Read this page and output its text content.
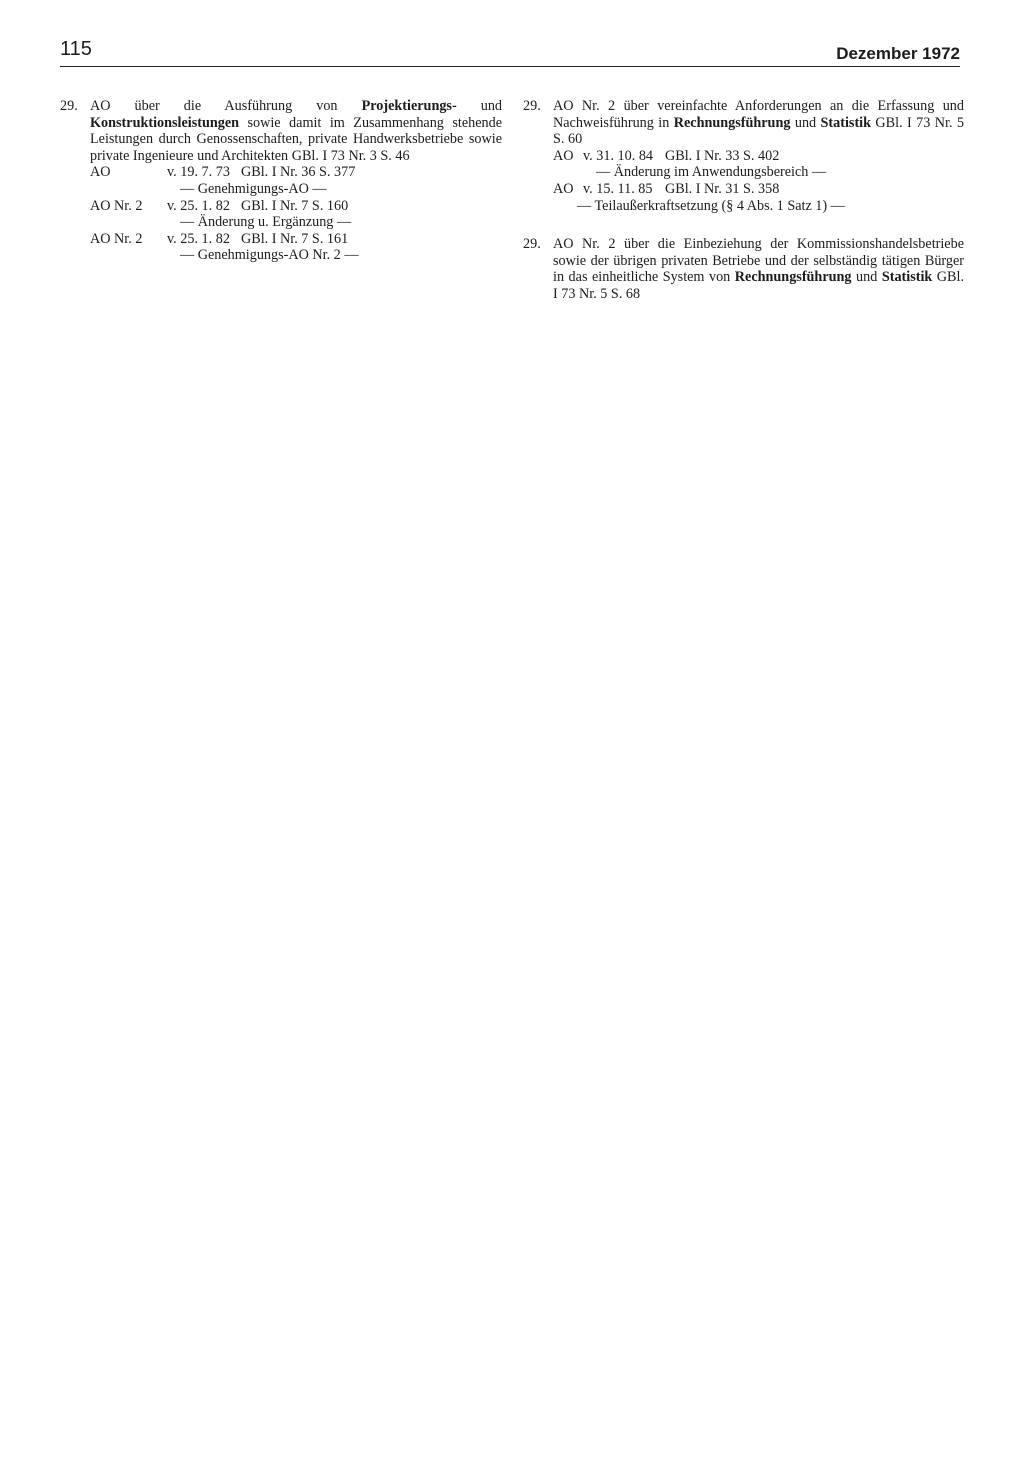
115	Dezember 1972
29. AO über die Ausführung von Projektierungs- und Konstruktionsleistungen sowie damit im Zusammenhang stehende Leistungen durch Genossenschaften, private Handwerksbetriebe sowie private Ingenieure und Architekten GBl. I 73 Nr. 3 S. 46
AO	v. 19. 7. 73 GBl. I Nr. 36 S. 377
— Genehmigungs-AO —
AO Nr. 2	v. 25. 1. 82 GBl. I Nr. 7 S. 160
— Änderung u. Ergänzung —
AO Nr. 2	v. 25. 1. 82 GBl. I Nr. 7 S. 161
— Genehmigungs-AO Nr. 2 —
29. AO Nr. 2 über vereinfachte Anforderungen an die Erfassung und Nachweisführung in Rechnungsführung und Statistik GBl. I 73 Nr. 5 S. 60
AO v. 31. 10. 84 GBl. I Nr. 33 S. 402
— Änderung im Anwendungsbereich —
AO v. 15. 11. 85 GBl. I Nr. 31 S. 358
— Teilaußerkraftsetzung (§ 4 Abs. 1 Satz 1) —
29. AO Nr. 2 über die Einbeziehung der Kommissionshandelsbetriebe sowie der übrigen privaten Betriebe und der selbständig tätigen Bürger in das einheitliche System von Rechnungsführung und Statistik GBl. I 73 Nr. 5 S. 68
